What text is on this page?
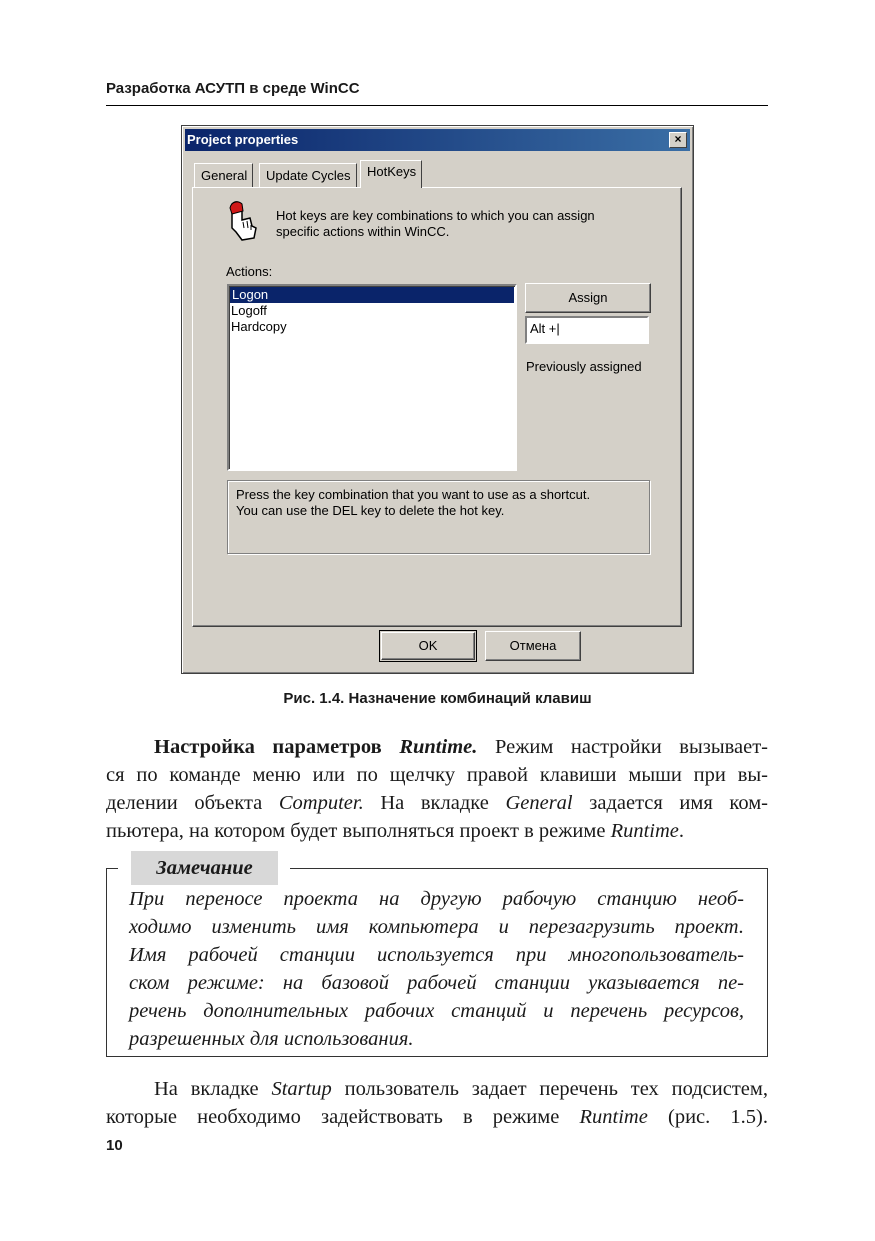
Разработка АСУТП в среде WinCC
Project properties	×
General	Update Cycles	HotKeys
Hot keys are key combinations to which you can assign
specific actions within WinCC.
Actions:
Logon
Logoff
Hardcopy
Assign
Alt +|
Previously assigned
Press the key combination that you want to use as a shortcut.
You can use the DEL key to delete the hot key.
OK	Отмена
Рис. 1.4. Назначение комбинаций клавиш
Настройка параметров Runtime. Режим настройки вызывает-
ся по команде меню или по щелчку правой клавиши мыши при вы-
делении объекта Computer. На вкладке General задается имя ком-
пьютера, на котором будет выполняться проект в режиме Runtime.
Замечание
При переносе проекта на другую рабочую станцию необ-
ходимо изменить имя компьютера и перезагрузить проект.
Имя рабочей станции используется при многопользователь-
ском режиме: на базовой рабочей станции указывается пе-
речень дополнительных рабочих станций и перечень ресурсов,
разрешенных для использования.
На вкладке Startup пользователь задает перечень тех подсистем,
которые необходимо задействовать в режиме Runtime (рис. 1.5).
10
